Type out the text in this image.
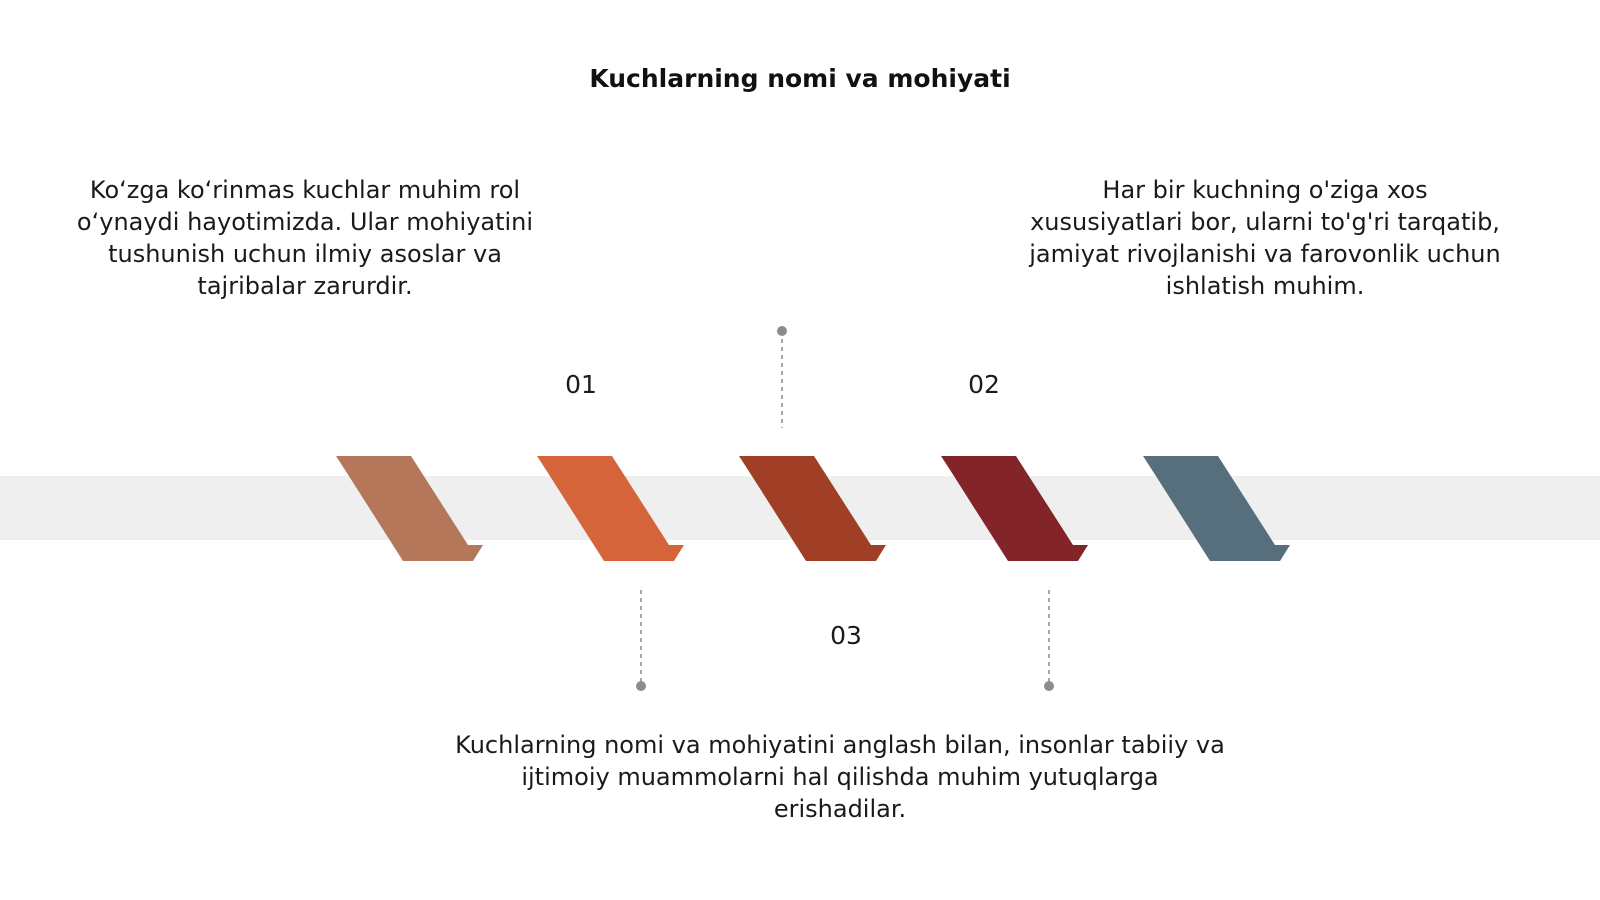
Kuchlarning nomi va mohiyati
Ko‘zga ko‘rinmas kuchlar muhim rol o‘ynaydi hayotimizda. Ular mohiyatini tushunish uchun ilmiy asoslar va tajribalar zarurdir.
Har bir kuchning o'ziga xos xususiyatlari bor, ularni to'g'ri tarqatib, jamiyat rivojlanishi va farovonlik uchun ishlatish muhim.
Kuchlarning nomi va mohiyatini anglash bilan, insonlar tabiiy va ijtimoiy muammolarni hal qilishda muhim yutuqlarga erishadilar.
01	02
03
